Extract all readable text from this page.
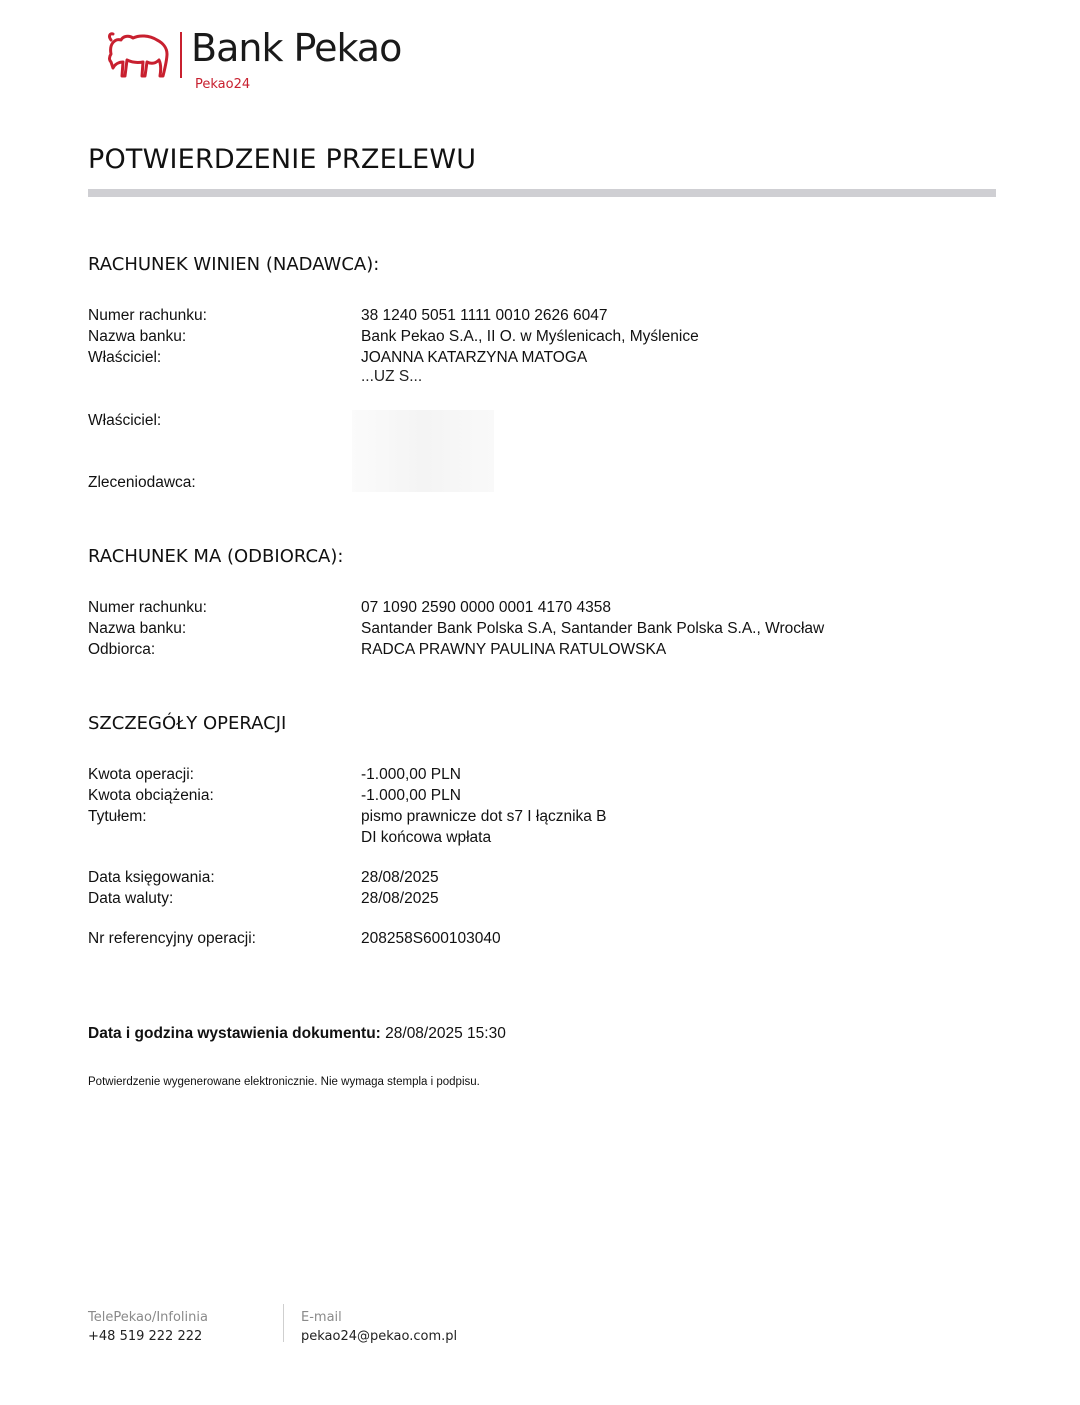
Bank Pekao
Pekao24
POTWIERDZENIE PRZELEWU
RACHUNEK WINIEN (NADAWCA):
Numer rachunku:	38 1240 5051 1111 0010 2626 6047
Nazwa banku:	Bank Pekao S.A., II O. w Myślenicach, Myślenice
Właściciel:	JOANNA KATARZYNA MATOGA
...UZ S...
Właściciel:
Zleceniodawca:
RACHUNEK MA (ODBIORCA):
Numer rachunku:	07 1090 2590 0000 0001 4170 4358
Nazwa banku:	Santander Bank Polska S.A, Santander Bank Polska S.A., Wrocław
Odbiorca:	RADCA PRAWNY PAULINA RATULOWSKA
SZCZEGÓŁY OPERACJI
Kwota operacji:	-1.000,00 PLN
Kwota obciążenia:	-1.000,00 PLN
Tytułem:	pismo prawnicze dot s7 I łącznika B
DI końcowa wpłata
Data księgowania:	28/08/2025
Data waluty:	28/08/2025
Nr referencyjny operacji:	208258S600103040
Data i godzina wystawienia dokumentu: 28/08/2025 15:30
Potwierdzenie wygenerowane elektronicznie. Nie wymaga stempla i podpisu.
TelePekao/Infolinia
+48 519 222 222
E-mail
pekao24@pekao.com.pl
